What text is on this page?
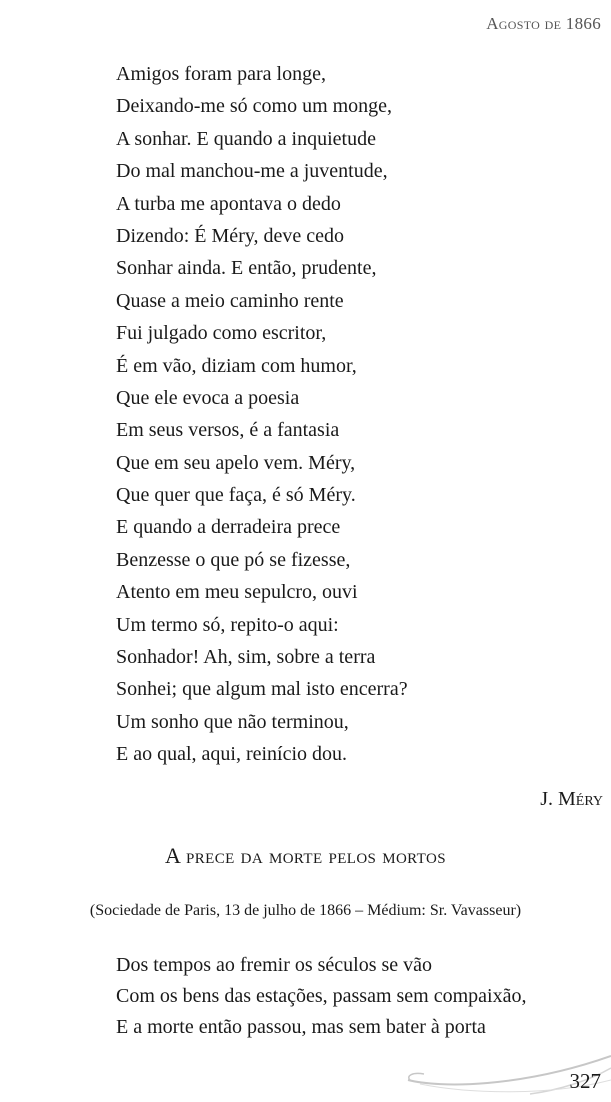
Agosto de 1866
Amigos foram para longe,
Deixando-me só como um monge,
A sonhar. E quando a inquietude
Do mal manchou-me a juventude,
A turba me apontava o dedo
Dizendo: É Méry, deve cedo
Sonhar ainda. E então, prudente,
Quase a meio caminho rente
Fui julgado como escritor,
É em vão, diziam com humor,
Que ele evoca a poesia
Em seus versos, é a fantasia
Que em seu apelo vem. Méry,
Que quer que faça, é só Méry.
E quando a derradeira prece
Benzesse o que pó se fizesse,
Atento em meu sepulcro, ouvi
Um termo só, repito-o aqui:
Sonhador! Ah, sim, sobre a terra
Sonhei; que algum mal isto encerra?
Um sonho que não terminou,
E ao qual, aqui, reinício dou.
J. Méry
A prece da morte pelos mortos
(Sociedade de Paris, 13 de julho de 1866 – Médium: Sr. Vavasseur)
Dos tempos ao fremir os séculos se vão
Com os bens das estações, passam sem compaixão,
E a morte então passou, mas sem bater à porta
327
